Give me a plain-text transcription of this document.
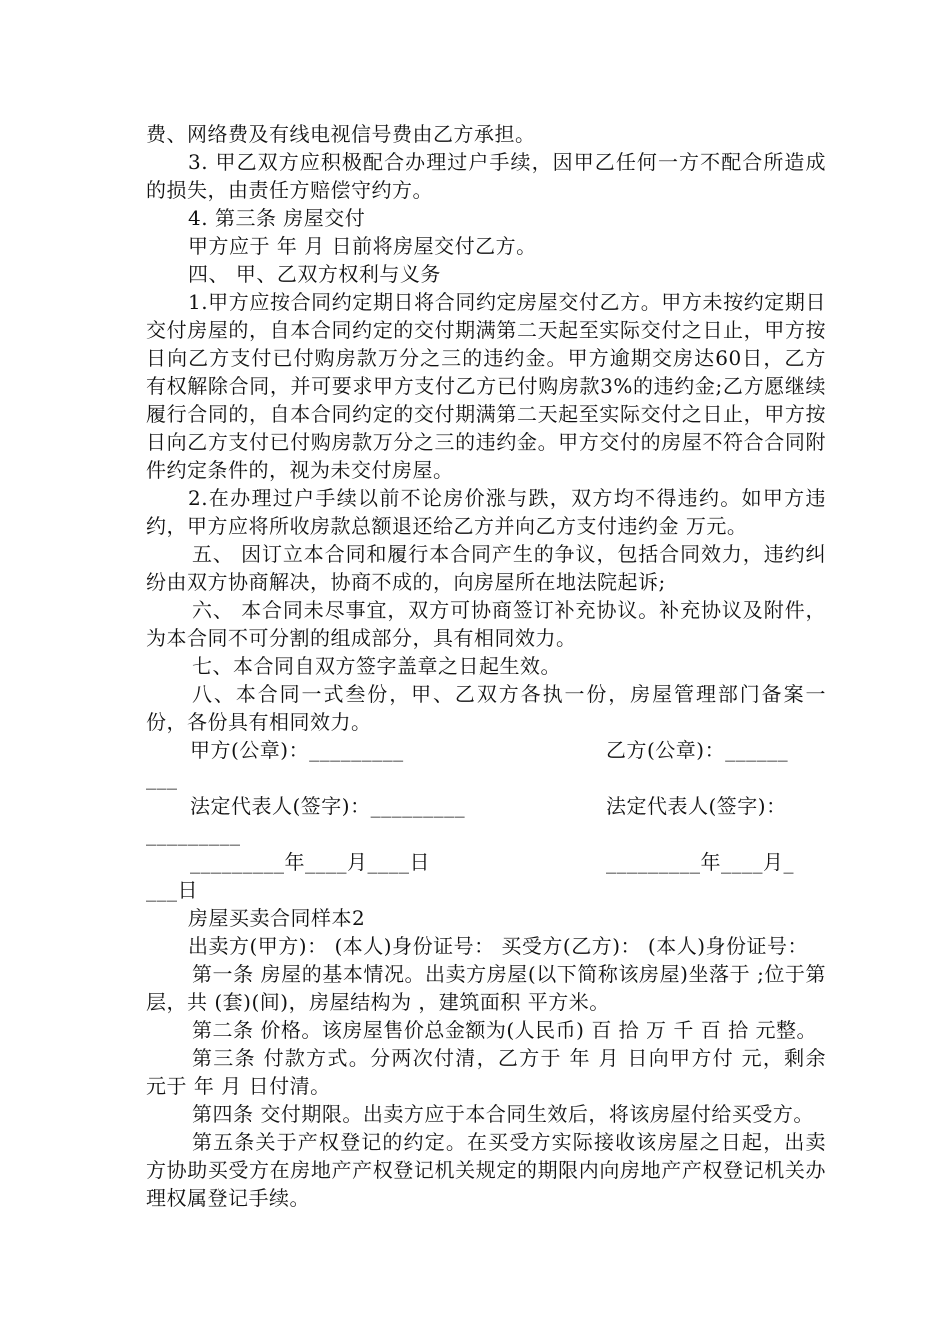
费、网络费及有线电视信号费由乙方承担。

3. 甲乙双方应积极配合办理过户手续，因甲乙任何一方不配合所造成的损失，由责任方赔偿守约方。

4. 第三条 房屋交付

甲方应于 年 月 日前将房屋交付乙方。

四、 甲、乙双方权利与义务

1.甲方应按合同约定期日将合同约定房屋交付乙方。甲方未按约定期日交付房屋的，自本合同约定的交付期满第二天起至实际交付之日止，甲方按日向乙方支付已付购房款万分之三的违约金。甲方逾期交房达60日，乙方有权解除合同，并可要求甲方支付乙方已付购房款3%的违约金;乙方愿继续履行合同的，自本合同约定的交付期满第二天起至实际交付之日止，甲方按日向乙方支付已付购房款万分之三的违约金。甲方交付的房屋不符合合同附件约定条件的，视为未交付房屋。

2.在办理过户手续以前不论房价涨与跌，双方均不得违约。如甲方违约，甲方应将所收房款总额退还给乙方并向乙方支付违约金 万元。

五、 因订立本合同和履行本合同产生的争议，包括合同效力，违约纠纷由双方协商解决，协商不成的，向房屋所在地法院起诉;

六、 本合同未尽事宜，双方可协商签订补充协议。补充协议及附件，为本合同不可分割的组成部分，具有相同效力。

七、本合同自双方签字盖章之日起生效。

八、本合同一式叁份，甲、乙双方各执一份，房屋管理部门备案一份，各份具有相同效力。

甲方(公章)：_________	乙方(公章)：______
___
法定代表人(签字)：_________	法定代表人(签字)：
_________
_________年____月____日	_________年____月_
___日

房屋买卖合同样本2

出卖方(甲方)： (本人)身份证号： 买受方(乙方)： (本人)身份证号：

第一条 房屋的基本情况。出卖方房屋(以下简称该房屋)坐落于 ;位于第 层，共 (套)(间)，房屋结构为 ，建筑面积 平方米。

第二条 价格。该房屋售价总金额为(人民币) 百 拾 万 千 百 拾 元整。

第三条 付款方式。分两次付清，乙方于 年 月 日向甲方付 元，剩余 元于 年 月 日付清。

第四条 交付期限。出卖方应于本合同生效后，将该房屋付给买受方。

第五条关于产权登记的约定。在买受方实际接收该房屋之日起，出卖方协助买受方在房地产产权登记机关规定的期限内向房地产产权登记机关办理权属登记手续。
